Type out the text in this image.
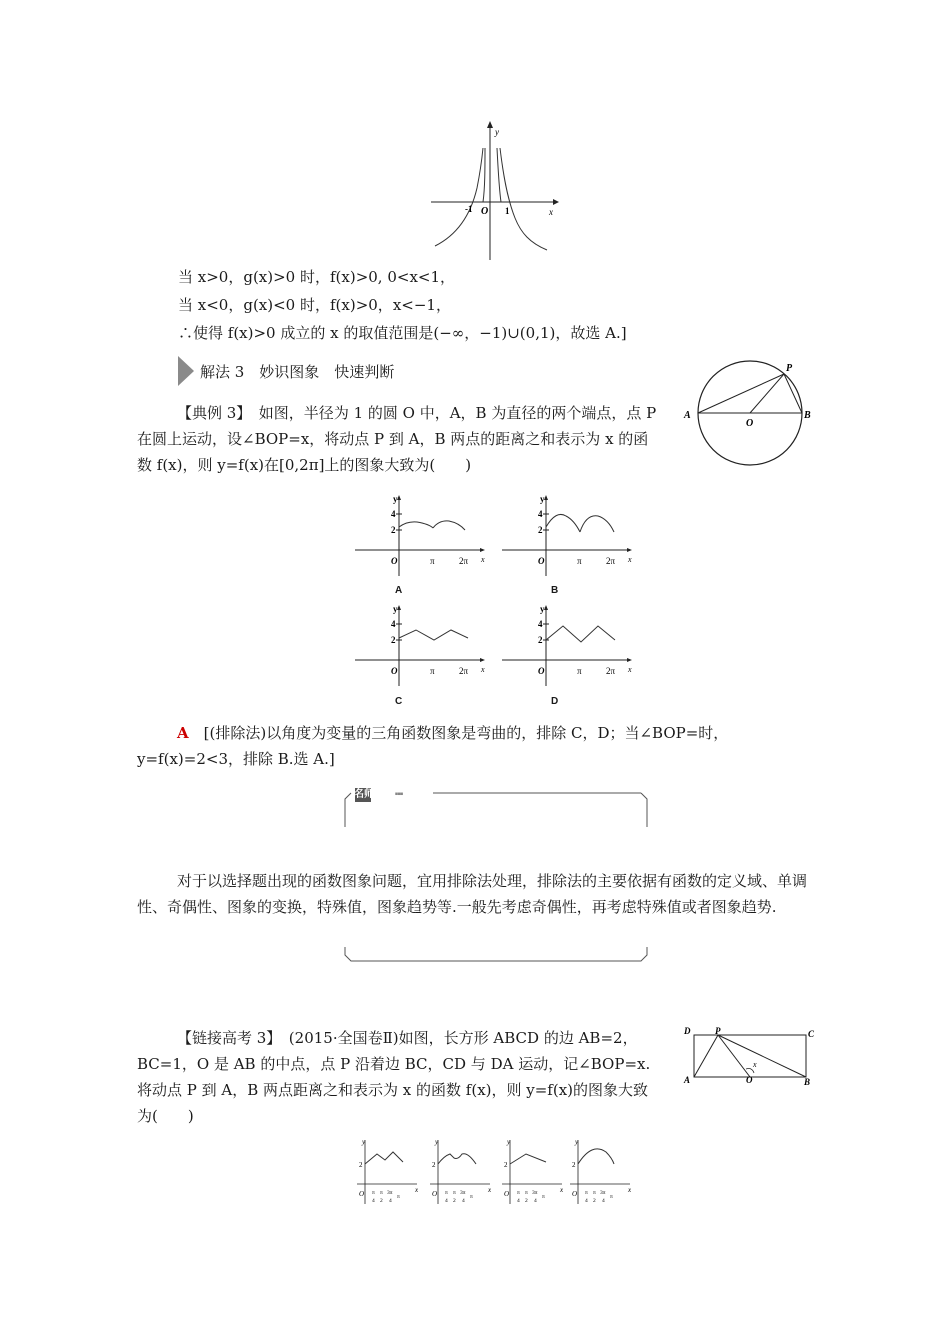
y
x
O
-1	1
当 x>0，g(x)>0 时，f(x)>0, 0<x<1，
当 x<0，g(x)<0 时，f(x)>0，x<−1，
∴使得 f(x)>0 成立的 x 的取值范围是(−∞，−1)∪(0,1)，故选 A.]
解法 3　妙识图象　快速判断
【典例 3】　如图，半径为 1 的圆 O 中，A，B 为直径的两个端点，点 P 在圆上运动，设∠BOP=x，将动点 P 到 A，B 两点的距离之和表示为 x 的函数 f(x)，则 y=f(x)在[0,2π]上的图象大致为(　　)
A	B
O
P
y
x
4
2
O	π	2π
A
y
x
4
2
O	π	2π
B
y
x
4
2
O	π	2π
C
y
x
4
2
O	π	2π
D
A　[(排除法)以角度为变量的三角函数图象是弯曲的，排除 C，D；当∠BOP=时，y=f(x)=2<3，排除 B.选 A.]
名师点评 ▪▪▪
对于以选择题出现的函数图象问题，宜用排除法处理，排除法的主要依据有函数的定义域、单调性、奇偶性、图象的变换，特殊值，图象趋势等.一般先考虑奇偶性，再考虑特殊值或者图象趋势.
【链接高考 3】　(2015·全国卷Ⅱ)如图，长方形 ABCD 的边 AB=2，BC=1，O 是 AB 的中点，点 P 沿着边 BC，CD 与 DA 运动，记∠BOP=x.将动点 P 到 A，B 两点距离之和表示为 x 的函数 f(x)，则 y=f(x)的图象大致为(　　)
D	P	C
A	O	B
x
y
x
2
O π
4
π
2
3π
4
π
y
x
2
O π
4
π
2
3π
4
π
y
x
2
O π
4
π
2
3π
4
π
y
x
2
O π
4
π
2
3π
4
π
